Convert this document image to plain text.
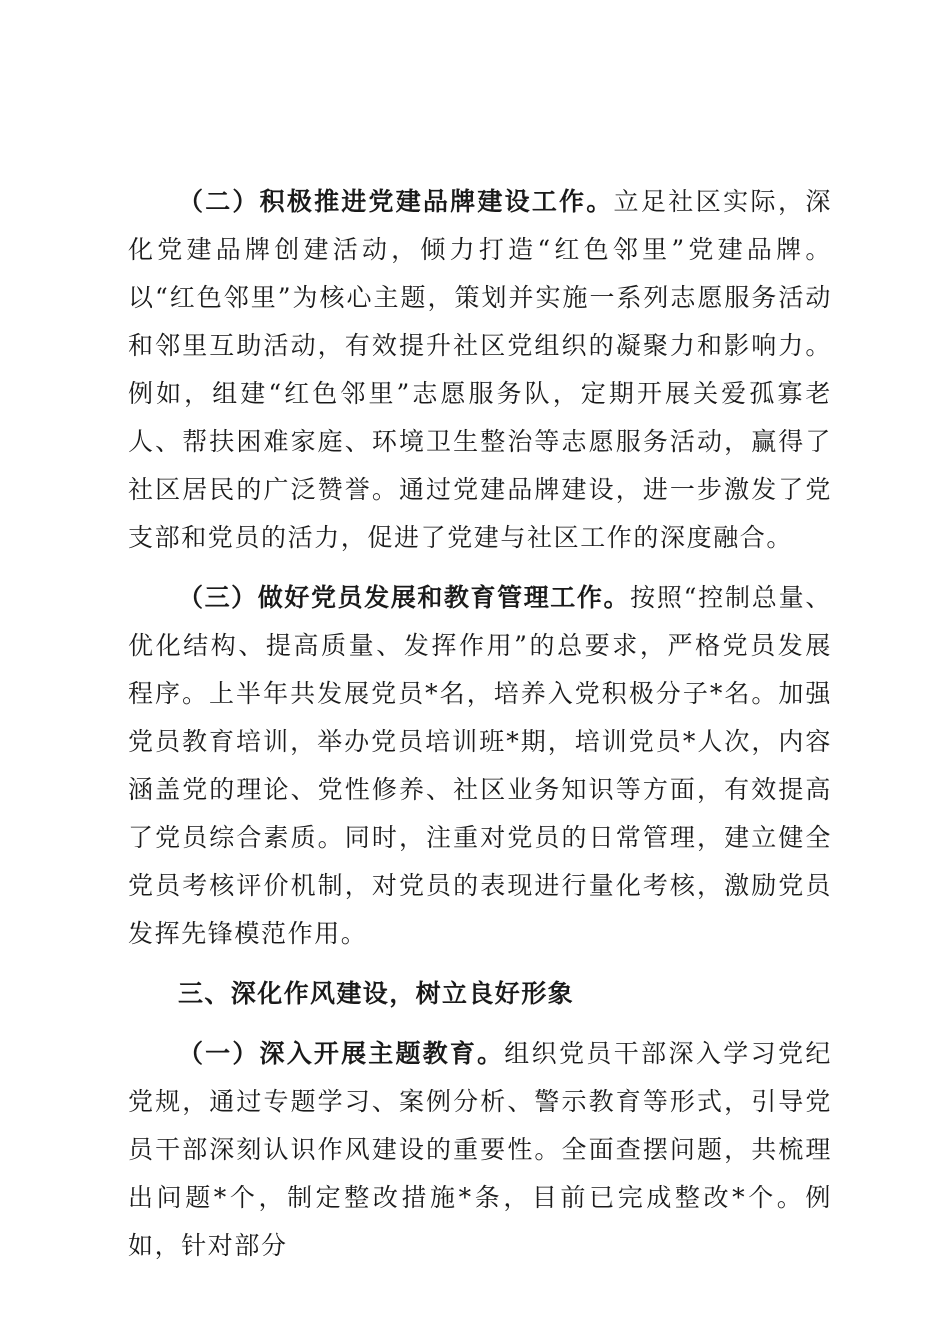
（二）积极推进党建品牌建设工作。立足社区实际，深化党建品牌创建活动，倾力打造“红色邻里”党建品牌。以“红色邻里”为核心主题，策划并实施一系列志愿服务活动和邻里互助活动，有效提升社区党组织的凝聚力和影响力。例如，组建“红色邻里”志愿服务队，定期开展关爱孤寡老人、帮扶困难家庭、环境卫生整治等志愿服务活动，赢得了社区居民的广泛赞誉。通过党建品牌建设，进一步激发了党支部和党员的活力，促进了党建与社区工作的深度融合。

（三）做好党员发展和教育管理工作。按照“控制总量、优化结构、提高质量、发挥作用”的总要求，严格党员发展程序。上半年共发展党员*名，培养入党积极分子*名。加强党员教育培训，举办党员培训班*期，培训党员*人次，内容涵盖党的理论、党性修养、社区业务知识等方面，有效提高了党员综合素质。同时，注重对党员的日常管理，建立健全党员考核评价机制，对党员的表现进行量化考核，激励党员发挥先锋模范作用。

三、深化作风建设，树立良好形象

（一）深入开展主题教育。组织党员干部深入学习党纪党规，通过专题学习、案例分析、警示教育等形式，引导党员干部深刻认识作风建设的重要性。全面查摆问题，共梳理出问题*个，制定整改措施*条，目前已完成整改*个。例如，针对部分
